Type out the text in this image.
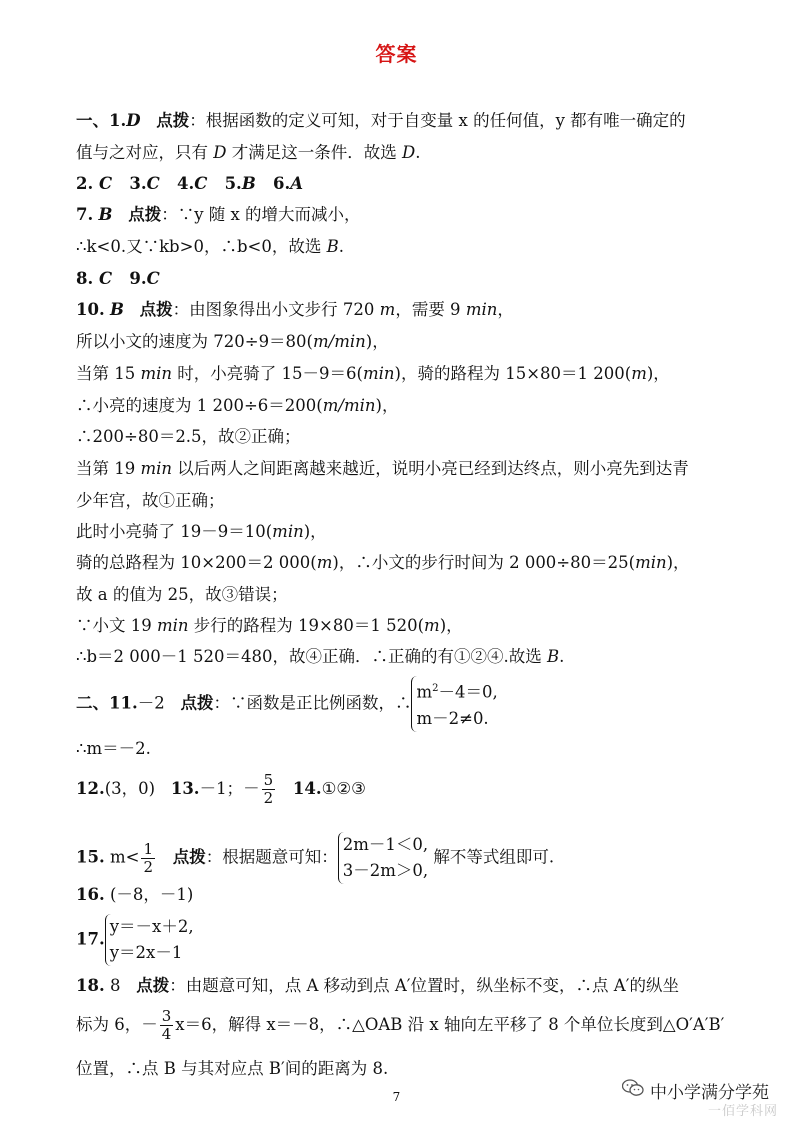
答案
一、1.D 点拨：根据函数的定义可知，对于自变量 x 的任何值，y 都有唯一确定的
值与之对应，只有 D 才满足这一条件．故选 D.
2. C 3.C 4.C 5.B 6.A
7. B 点拨：∵y 随 x 的增大而减小，
∴k<0.又∵kb>0，∴b<0，故选 B.
8. C 9.C
10. B 点拨：由图象得出小文步行 720 m，需要 9 min，
所以小文的速度为 720÷9＝80(m/min)，
当第 15 min 时，小亮骑了 15－9＝6(min)，骑的路程为 15×80＝1 200(m)，
∴小亮的速度为 1 200÷6＝200(m/min)，
∴200÷80＝2.5，故②正确；
当第 19 min 以后两人之间距离越来越近，说明小亮已经到达终点，则小亮先到达青
少年宫，故①正确；
此时小亮骑了 19－9＝10(min)，
骑的总路程为 10×200＝2 000(m)，∴小文的步行时间为 2 000÷80＝25(min)，
故 a 的值为 25，故③错误；
∵小文 19 min 步行的路程为 19×80＝1 520(m)，
∴b＝2 000－1 520＝480，故④正确．∴正确的有①②④.故选 B.
二、11.－2 点拨：∵函数是正比例函数，∴
$m^2-4=0$,
m－2≠0.
∴m＝－2.
12.(3，0) 13.－1；－ $\frac{5}{2}$ 14.①②③
15. $m< \frac{1}{2}$ 点拨：根据题意可知：
2m－1＜0,
3－2m＞0,
解不等式组即可.
16. (－8，－1)
17.
y＝－x＋2,
y＝2x－1
18. 8 点拨：由题意可知，点 A 移动到点 A′位置时，纵坐标不变，∴点 A′的纵坐
标为 6，－ $\frac{3}{4} x=6$，解得 x＝－8，∴△OAB 沿 x 轴向左平移了 8 个单位长度到△O′A′B′
位置，∴点 B 与其对应点 B′间的距离为 8.
7	中小学满分学苑
一佰学科网
